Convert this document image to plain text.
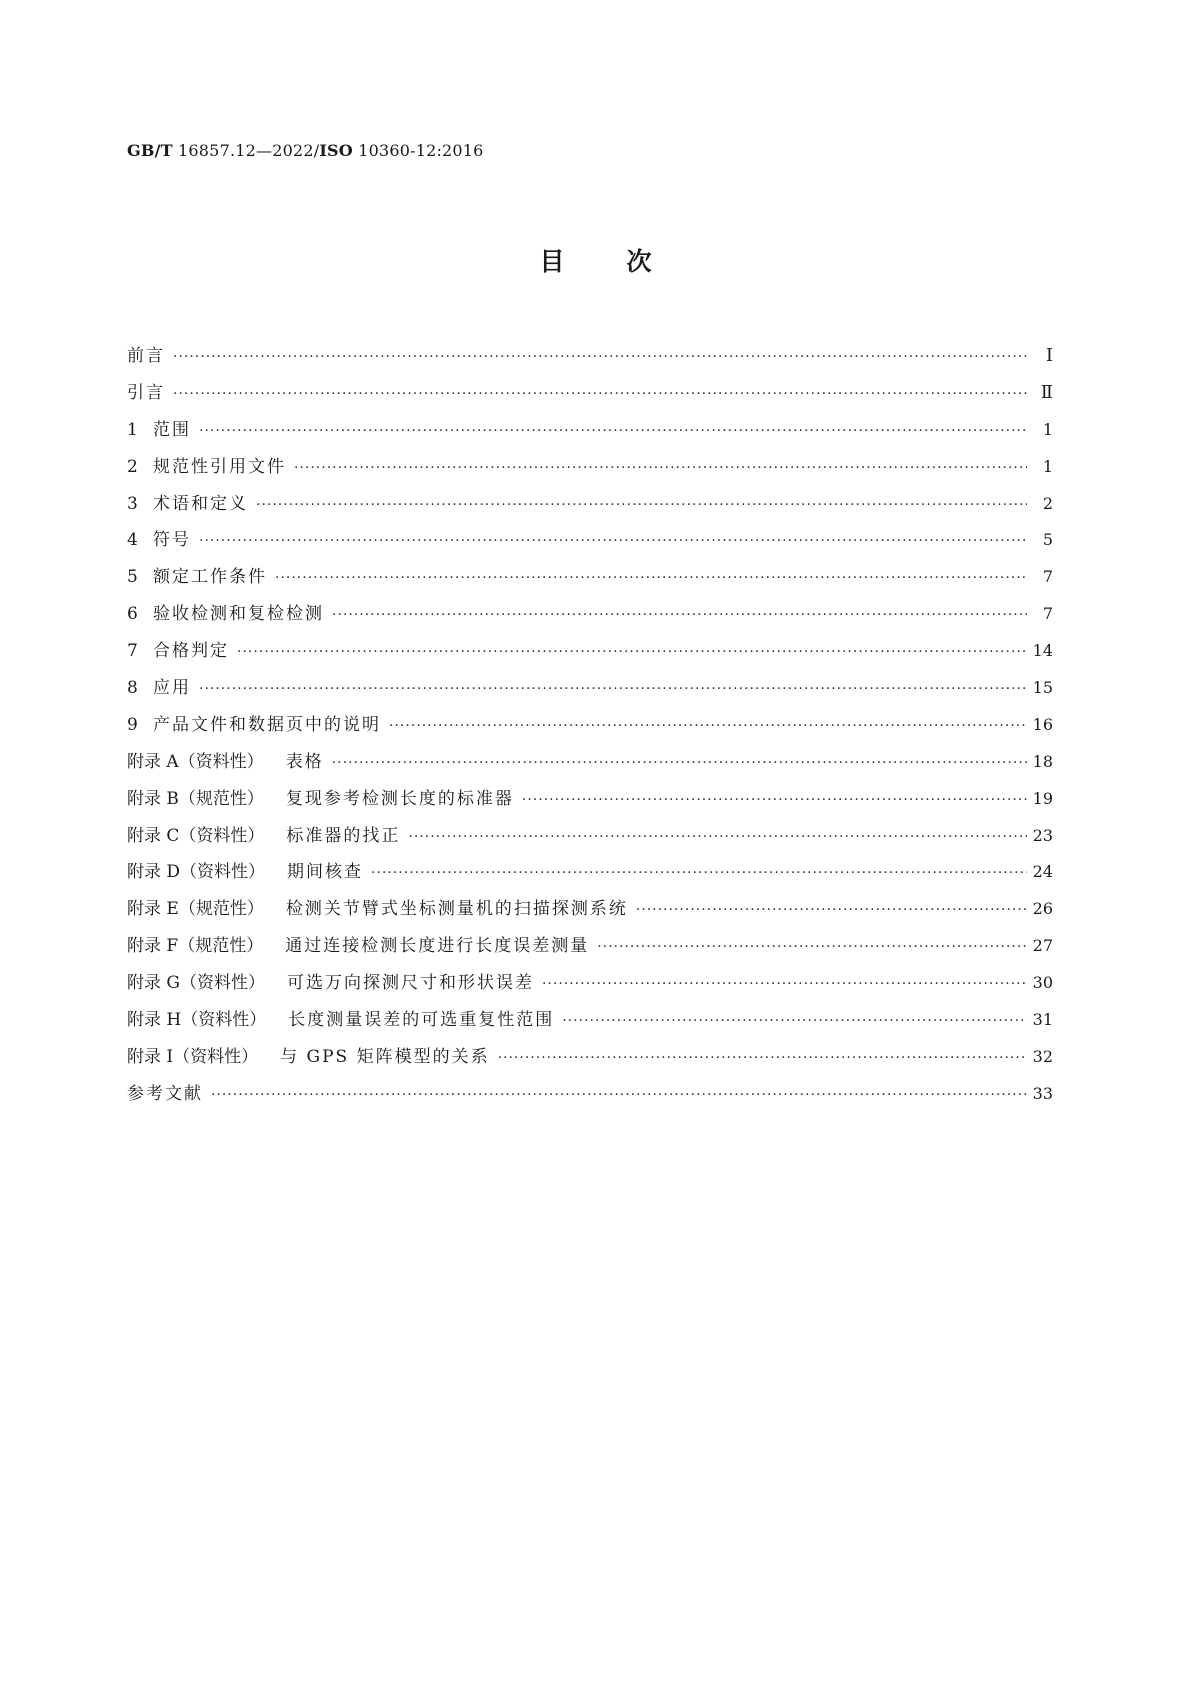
GB/T 16857.12—2022/ISO 10360-12:2016
目次
前言 ·····	Ⅰ
引言 ·····	Ⅱ
1 范围 ·····	1
2 规范性引用文件 ·····	1
3 术语和定义 ·····	2
4 符号 ·····	5
5 额定工作条件 ·····	7
6 验收检测和复检检测 ·····	7
7 合格判定 ·····	14
8 应用 ·····	15
9 产品文件和数据页中的说明 ·····	16
附录 A（资料性）	表格 ·····	18
附录 B（规范性）	复现参考检测长度的标准器 ·····	19
附录 C（资料性）	标准器的找正 ·····	23
附录 D（资料性）	期间核查 ·····	24
附录 E（规范性）	检测关节臂式坐标测量机的扫描探测系统 ·····	26
附录 F（规范性）	通过连接检测长度进行长度误差测量 ·····	27
附录 G（资料性）	可选万向探测尺寸和形状误差 ·····	30
附录 H（资料性）	长度测量误差的可选重复性范围 ·····	31
附录 I（资料性）	与 GPS 矩阵模型的关系 ·····	32
参考文献 ·····	33
